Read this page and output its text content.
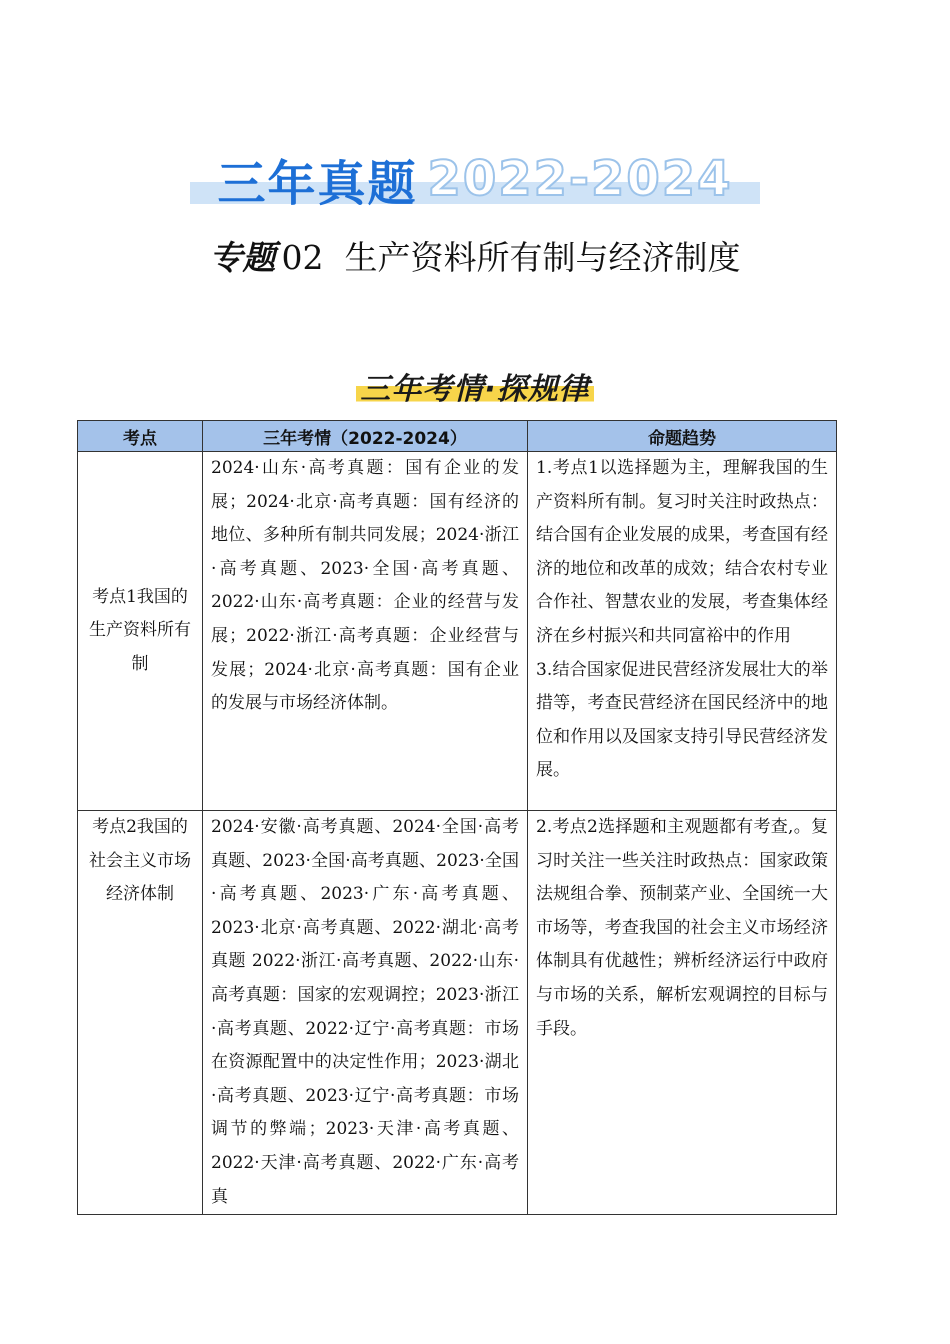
三年真题 2022-2024
专题 02  生产资料所有制与经济制度
三年考情·探规律
考点	三年考情（2022-2024）	命题趋势
考点1我国的生产资料所有制	2024·山东·高考真题：国有企业的发展；2024·北京·高考真题：国有经济的地位、多种所有制共同发展；2024·浙江·高考真题、2023·全国·高考真题、2022·山东·高考真题：企业的经营与发展；2022·浙江·高考真题：企业经营与发展；2024·北京·高考真题：国有企业的发展与市场经济体制。	1.考点1以选择题为主，理解我国的生产资料所有制。复习时关注时政热点：结合国有企业发展的成果，考查国有经济的地位和改革的成效；结合农村专业合作社、智慧农业的发展，考查集体经济在乡村振兴和共同富裕中的作用
3.结合国家促进民营经济发展壮大的举措等，考查民营经济在国民经济中的地位和作用以及国家支持引导民营经济发展。
考点2我国的社会主义市场经济体制	2024·安徽·高考真题、2024·全国·高考真题、2023·全国·高考真题、2023·全国·高考真题、2023·广东·高考真题、2023·北京·高考真题、2022·湖北·高考真题 2022·浙江·高考真题、2022·山东·高考真题：国家的宏观调控；2023·浙江·高考真题、2022·辽宁·高考真题：市场在资源配置中的决定性作用；2023·湖北·高考真题、2023·辽宁·高考真题：市场调节的弊端；2023·天津·高考真题、2022·天津·高考真题、2022·广东·高考真	2.考点2选择题和主观题都有考查,。复习时关注一些关注时政热点：国家政策法规组合拳、预制菜产业、全国统一大市场等，考查我国的社会主义市场经济体制具有优越性；辨析经济运行中政府与市场的关系，解析宏观调控的目标与手段。
